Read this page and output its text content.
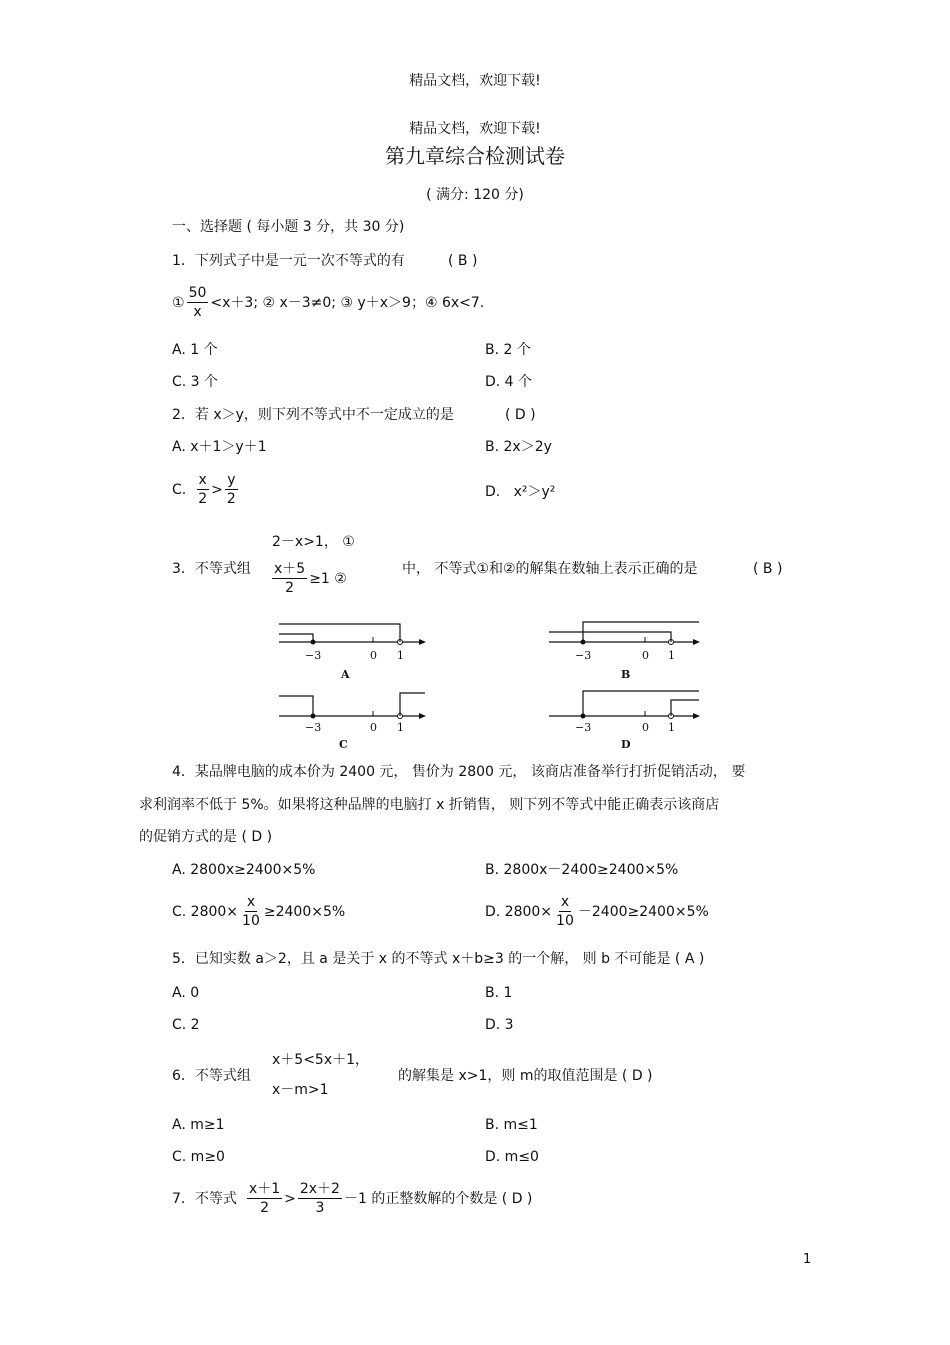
精品文档，欢迎下载!
精品文档，欢迎下载!
第九章综合检测试卷
( 满分: 120 分)
一、选择题 ( 每小题 3 分，共 30 分)
1．下列式子中是一元一次不等式的有	( B )
① $\frac{50}{x} <x+3$; ② x－3≠0; ③ y＋x＞9；④ 6x<7.
A. 1 个	B. 2 个
C. 3 个	D. 4 个
2．若 x＞y，则下列不等式中不一定成立的是	( D )
A. x＋1＞y＋1	B. 2x＞2y
C. $\frac{x}{2} > \frac{y}{2}$	D. x²＞y²
2－x>1， ①
3．不等式组 $\frac{x+5}{2} \ge 1$ ②
中， 不等式①和②的解集在数轴上表示正确的是	( B )
−3	0 1
A
−3	0 1
B
−3	0 1
C
−3	0 1
D
4．某品牌电脑的成本价为 2400 元， 售价为 2800 元， 该商店准备举行打折促销活动， 要
求利润率不低于 5%。如果将这种品牌的电脑打 x 折销售， 则下列不等式中能正确表示该商店
的促销方式的是 ( D )
A. 2800x≥2400×5%	B. 2800x－2400≥2400×5%
C. $2800\times \frac{x}{10} \ge 2400\times 5\%$	D. $2800\times \frac{x}{10} -2400\ge 2400\times 5\%$
5．已知实数 a＞2，且 a 是关于 x 的不等式 x＋b≥3 的一个解， 则 b 不可能是 ( A )
A. 0	B. 1
C. 2	D. 3
x＋5<5x＋1，
6．不等式组	的解集是 x>1，则 m的取值范围是 ( D )
x－m>1
A. m≥1	B. m≤1
C. m≥0	D. m≤0
7．不等式 $\frac{x+1}{2} > \frac{2x+2}{3} -1$ 的正整数解的个数是 ( D )
1
